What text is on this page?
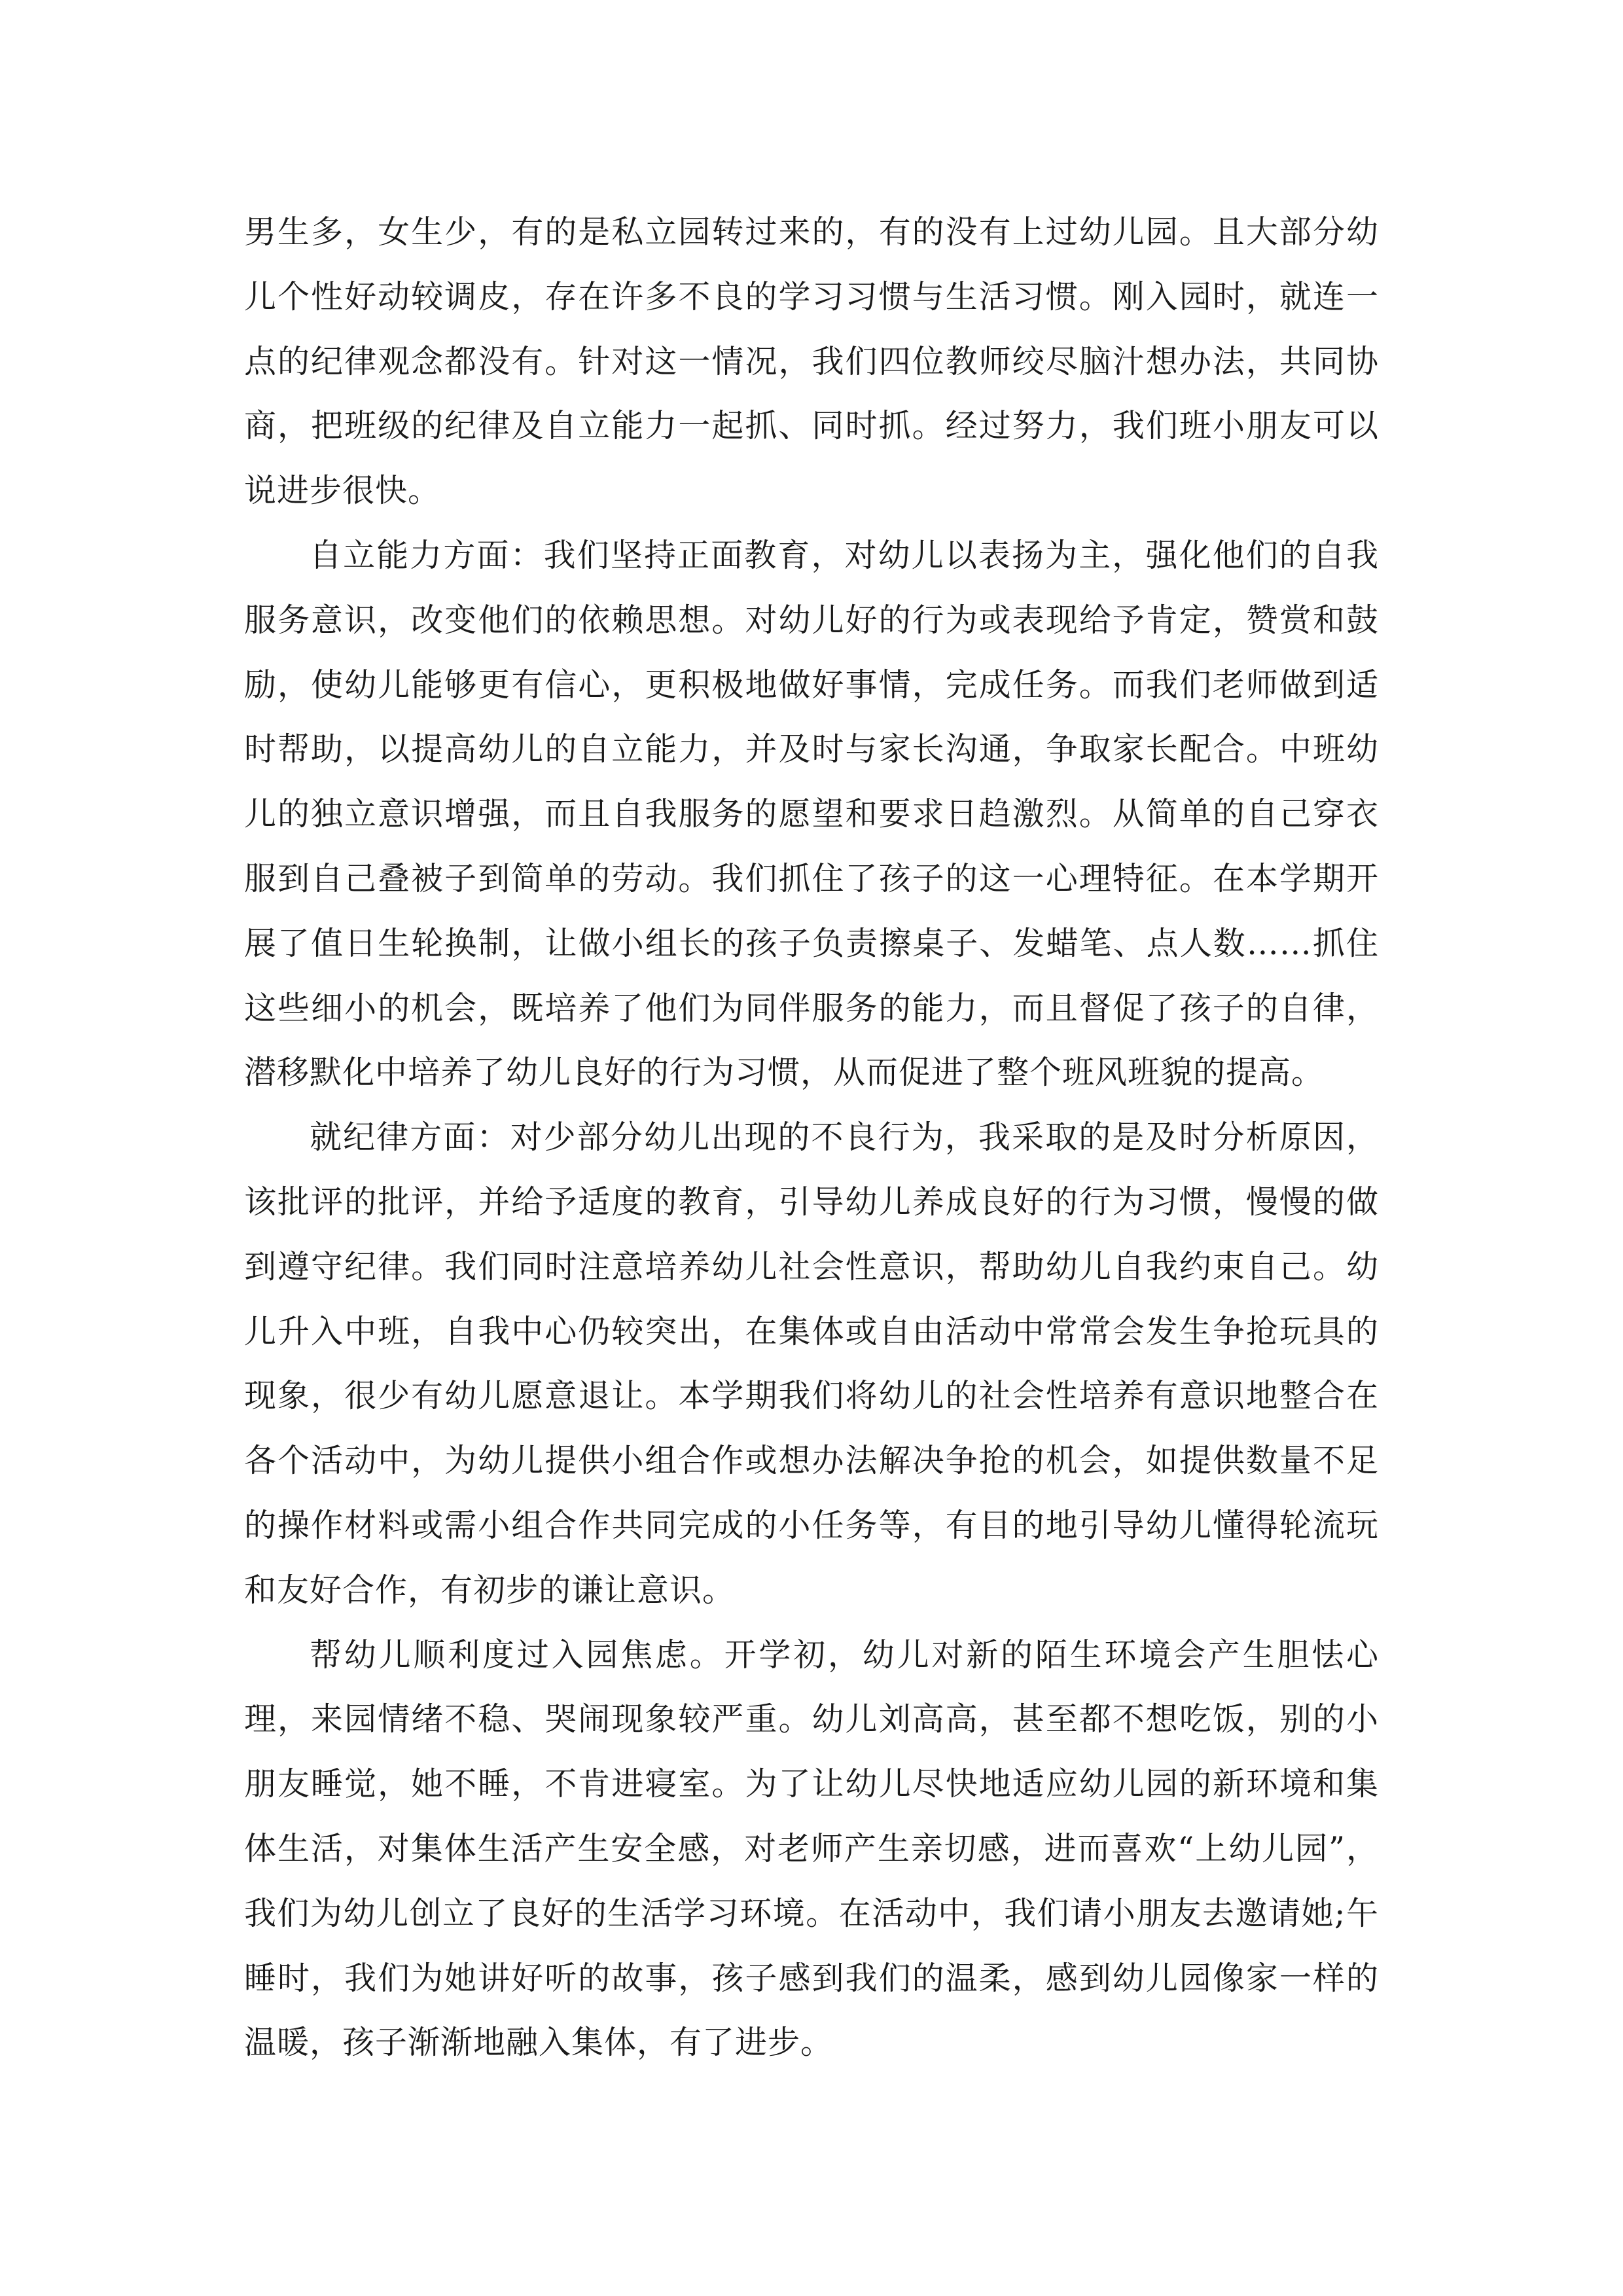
男生多，女生少，有的是私立园转过来的，有的没有上过幼儿园。且大部分幼儿个性好动较调皮，存在许多不良的学习习惯与生活习惯。刚入园时，就连一点的纪律观念都没有。针对这一情况，我们四位教师绞尽脑汁想办法，共同协商，把班级的纪律及自立能力一起抓、同时抓。经过努力，我们班小朋友可以说进步很快。

自立能力方面：我们坚持正面教育，对幼儿以表扬为主，强化他们的自我服务意识，改变他们的依赖思想。对幼儿好的行为或表现给予肯定，赞赏和鼓励，使幼儿能够更有信心，更积极地做好事情，完成任务。而我们老师做到适时帮助，以提高幼儿的自立能力，并及时与家长沟通，争取家长配合。中班幼儿的独立意识增强，而且自我服务的愿望和要求日趋激烈。从简单的自己穿衣服到自己叠被子到简单的劳动。我们抓住了孩子的这一心理特征。在本学期开展了值日生轮换制，让做小组长的孩子负责擦桌子、发蜡笔、点人数……抓住这些细小的机会，既培养了他们为同伴服务的能力，而且督促了孩子的自律，潜移默化中培养了幼儿良好的行为习惯，从而促进了整个班风班貌的提高。

就纪律方面：对少部分幼儿出现的不良行为，我采取的是及时分析原因，该批评的批评，并给予适度的教育，引导幼儿养成良好的行为习惯，慢慢的做到遵守纪律。我们同时注意培养幼儿社会性意识，帮助幼儿自我约束自己。幼儿升入中班，自我中心仍较突出，在集体或自由活动中常常会发生争抢玩具的现象，很少有幼儿愿意退让。本学期我们将幼儿的社会性培养有意识地整合在各个活动中，为幼儿提供小组合作或想办法解决争抢的机会，如提供数量不足的操作材料或需小组合作共同完成的小任务等，有目的地引导幼儿懂得轮流玩和友好合作，有初步的谦让意识。

帮幼儿顺利度过入园焦虑。开学初，幼儿对新的陌生环境会产生胆怯心理，来园情绪不稳、哭闹现象较严重。幼儿刘高高，甚至都不想吃饭，别的小朋友睡觉，她不睡，不肯进寝室。为了让幼儿尽快地适应幼儿园的新环境和集体生活，对集体生活产生安全感，对老师产生亲切感，进而喜欢“上幼儿园”，我们为幼儿创立了良好的生活学习环境。在活动中，我们请小朋友去邀请她;午睡时，我们为她讲好听的故事，孩子感到我们的温柔，感到幼儿园像家一样的温暖，孩子渐渐地融入集体，有了进步。
